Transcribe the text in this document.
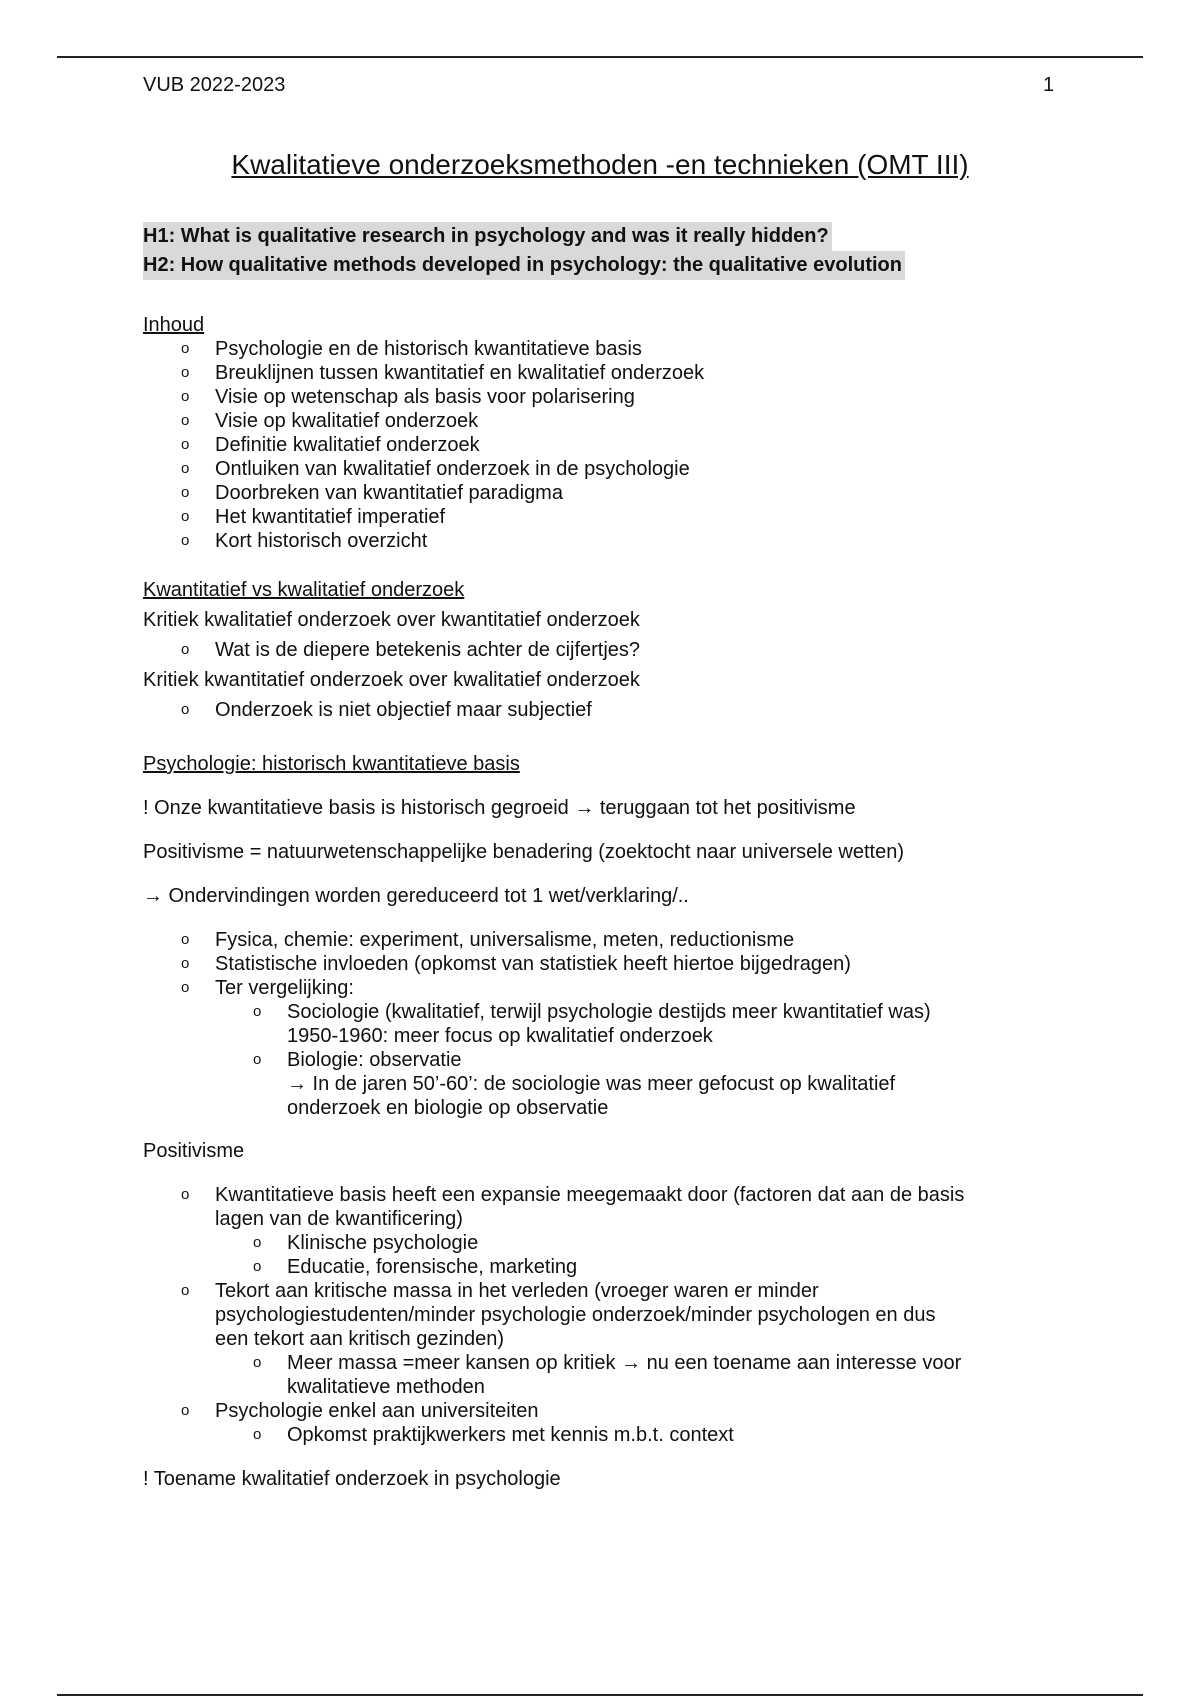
VUB 2022-2023	1
Kwalitatieve onderzoeksmethoden -en technieken (OMT III)
H1: What is qualitative research in psychology and was it really hidden?
H2: How qualitative methods developed in psychology: the qualitative evolution
Inhoud
o Psychologie en de historisch kwantitatieve basis
o Breuklijnen tussen kwantitatief en kwalitatief onderzoek
o Visie op wetenschap als basis voor polarisering
o Visie op kwalitatief onderzoek
o Definitie kwalitatief onderzoek
o Ontluiken van kwalitatief onderzoek in de psychologie
o Doorbreken van kwantitatief paradigma
o Het kwantitatief imperatief
o Kort historisch overzicht
Kwantitatief vs kwalitatief onderzoek
Kritiek kwalitatief onderzoek over kwantitatief onderzoek
o Wat is de diepere betekenis achter de cijfertjes?
Kritiek kwantitatief onderzoek over kwalitatief onderzoek
o Onderzoek is niet objectief maar subjectief
Psychologie: historisch kwantitatieve basis
! Onze kwantitatieve basis is historisch gegroeid → teruggaan tot het positivisme
Positivisme = natuurwetenschappelijke benadering (zoektocht naar universele wetten)
→ Ondervindingen worden gereduceerd tot 1 wet/verklaring/..
o Fysica, chemie: experiment, universalisme, meten, reductionisme
o Statistische invloeden (opkomst van statistiek heeft hiertoe bijgedragen)
o Ter vergelijking:
o Sociologie (kwalitatief, terwijl psychologie destijds meer kwantitatief was)
1950-1960: meer focus op kwalitatief onderzoek
o Biologie: observatie
→ In de jaren 50’-60’: de sociologie was meer gefocust op kwalitatief
onderzoek en biologie op observatie
Positivisme
o Kwantitatieve basis heeft een expansie meegemaakt door (factoren dat aan de basis
lagen van de kwantificering)
o Klinische psychologie
o Educatie, forensische, marketing
o Tekort aan kritische massa in het verleden (vroeger waren er minder
psychologiestudenten/minder psychologie onderzoek/minder psychologen en dus
een tekort aan kritisch gezinden)
o Meer massa =meer kansen op kritiek → nu een toename aan interesse voor
kwalitatieve methoden
o Psychologie enkel aan universiteiten
o Opkomst praktijkwerkers met kennis m.b.t. context
! Toename kwalitatief onderzoek in psychologie
